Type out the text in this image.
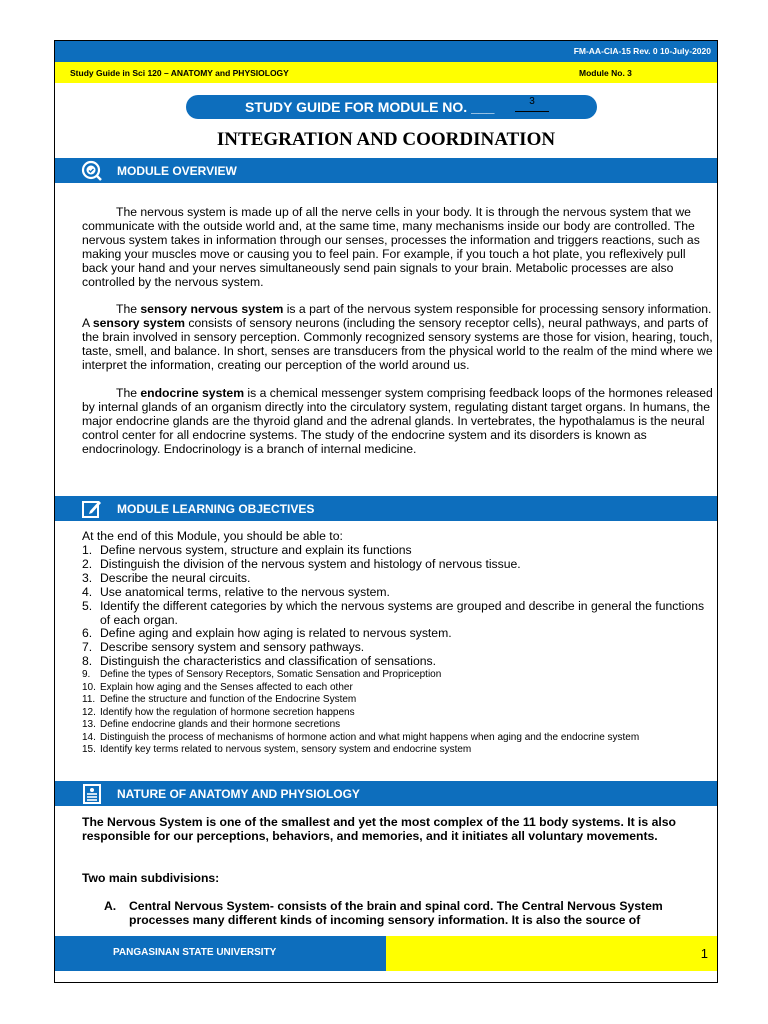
FM-AA-CIA-15 Rev. 0 10-July-2020
Study Guide in Sci 120 – ANATOMY and PHYSIOLOGY	Module No. 3
STUDY GUIDE FOR MODULE NO. ___	3
INTEGRATION AND COORDINATION
MODULE OVERVIEW

The nervous system is made up of all the nerve cells in your body. It is through the nervous system that we communicate with the outside world and, at the same time, many mechanisms inside our body are controlled. The nervous system takes in information through our senses, processes the information and triggers reactions, such as making your muscles move or causing you to feel pain. For example, if you touch a hot plate, you reflexively pull back your hand and your nerves simultaneously send pain signals to your brain. Metabolic processes are also controlled by the nervous system.

The sensory nervous system is a part of the nervous system responsible for processing sensory information. A sensory system consists of sensory neurons (including the sensory receptor cells), neural pathways, and parts of the brain involved in sensory perception. Commonly recognized sensory systems are those for vision, hearing, touch, taste, smell, and balance. In short, senses are transducers from the physical world to the realm of the mind where we interpret the information, creating our perception of the world around us.

The endocrine system is a chemical messenger system comprising feedback loops of the hormones released by internal glands of an organism directly into the circulatory system, regulating distant target organs. In humans, the major endocrine glands are the thyroid gland and the adrenal glands. In vertebrates, the hypothalamus is the neural control center for all endocrine systems. The study of the endocrine system and its disorders is known as endocrinology. Endocrinology is a branch of internal medicine.

MODULE LEARNING OBJECTIVES
At the end of this Module, you should be able to:
1. Define nervous system, structure and explain its functions
2. Distinguish the division of the nervous system and histology of nervous tissue.
3. Describe the neural circuits.
4. Use anatomical terms, relative to the nervous system.
5. Identify the different categories by which the nervous systems are grouped and describe in general the functions of each organ.
6. Define aging and explain how aging is related to nervous system.
7. Describe sensory system and sensory pathways.
8. Distinguish the characteristics and classification of sensations.
9. Define the types of Sensory Receptors, Somatic Sensation and Propriception
10. Explain how aging and the Senses affected to each other
11. Define the structure and function of the Endocrine System
12. Identify how the regulation of hormone secretion happens
13. Define endocrine glands and their hormone secretions
14. Distinguish the process of mechanisms of hormone action and what might happens when aging and the endocrine system
15. Identify key terms related to nervous system, sensory system and endocrine system
NATURE OF ANATOMY AND PHYSIOLOGY
The Nervous System is one of the smallest and yet the most complex of the 11 body systems. It is also responsible for our perceptions, behaviors, and memories, and it initiates all voluntary movements.
Two main subdivisions:
A. Central Nervous System- consists of the brain and spinal cord. The Central Nervous System processes many different kinds of incoming sensory information. It is also the source of
PANGASINAN STATE UNIVERSITY	1
